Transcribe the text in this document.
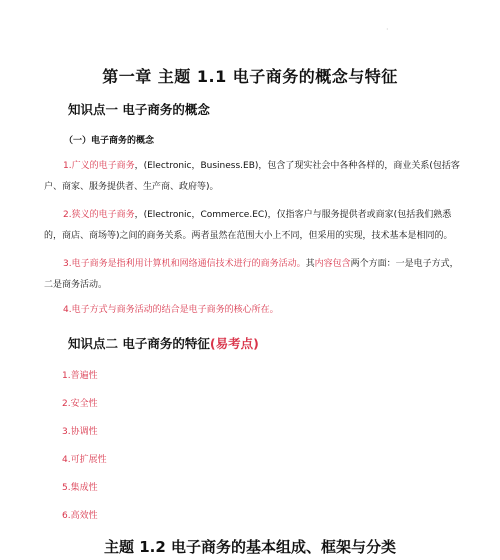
·
第一章 主题 1.1 电子商务的概念与特征
知识点一 电子商务的概念
（一）电子商务的概念

1.广义的电子商务，(Electronic，Business.EB)，包含了现实社会中各种各样的，商业关系(包括客户、商家、服务提供者、生产商、政府等)。

2.狭义的电子商务，(Electronic，Commerce.EC)，仅指客户与服务提供者或商家(包括我们熟悉的，商店、商场等)之间的商务关系。两者虽然在范围大小上不同，但采用的实现，技术基本是相同的。

3.电子商务是指利用计算机和网络通信技术进行的商务活动。其内容包含两个方面：一是电子方式，二是商务活动。

4.电子方式与商务活动的结合是电子商务的核心所在。

知识点二 电子商务的特征(易考点)
1.普遍性
2.安全性
3.协调性
4.可扩展性
5.集成性
6.高效性
主题 1.2 电子商务的基本组成、框架与分类
